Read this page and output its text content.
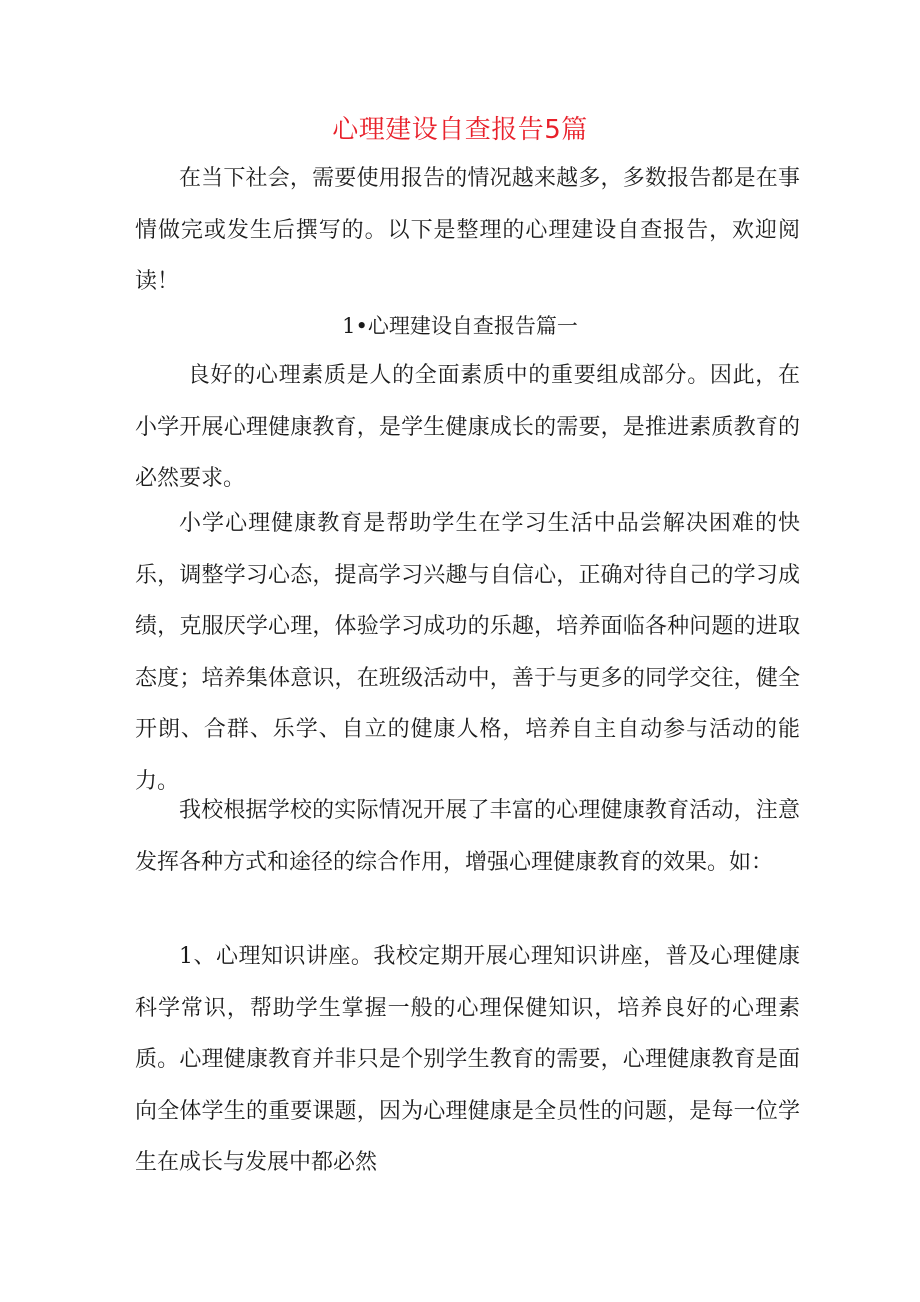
心理建设自查报告5篇

在当下社会，需要使用报告的情况越来越多，多数报告都是在事情做完或发生后撰写的。以下是整理的心理建设自查报告，欢迎阅读！

1•心理建设自查报告篇一

良好的心理素质是人的全面素质中的重要组成部分。因此，在小学开展心理健康教育，是学生健康成长的需要，是推进素质教育的必然要求。

小学心理健康教育是帮助学生在学习生活中品尝解决困难的快乐，调整学习心态，提高学习兴趣与自信心，正确对待自己的学习成绩，克服厌学心理，体验学习成功的乐趣，培养面临各种问题的进取态度；培养集体意识，在班级活动中，善于与更多的同学交往，健全开朗、合群、乐学、自立的健康人格，培养自主自动参与活动的能力。

我校根据学校的实际情况开展了丰富的心理健康教育活动，注意发挥各种方式和途径的综合作用，增强心理健康教育的效果。如：

1、心理知识讲座。我校定期开展心理知识讲座，普及心理健康科学常识，帮助学生掌握一般的心理保健知识，培养良好的心理素质。心理健康教育并非只是个别学生教育的需要，心理健康教育是面向全体学生的重要课题，因为心理健康是全员性的问题，是每一位学生在成长与发展中都必然
